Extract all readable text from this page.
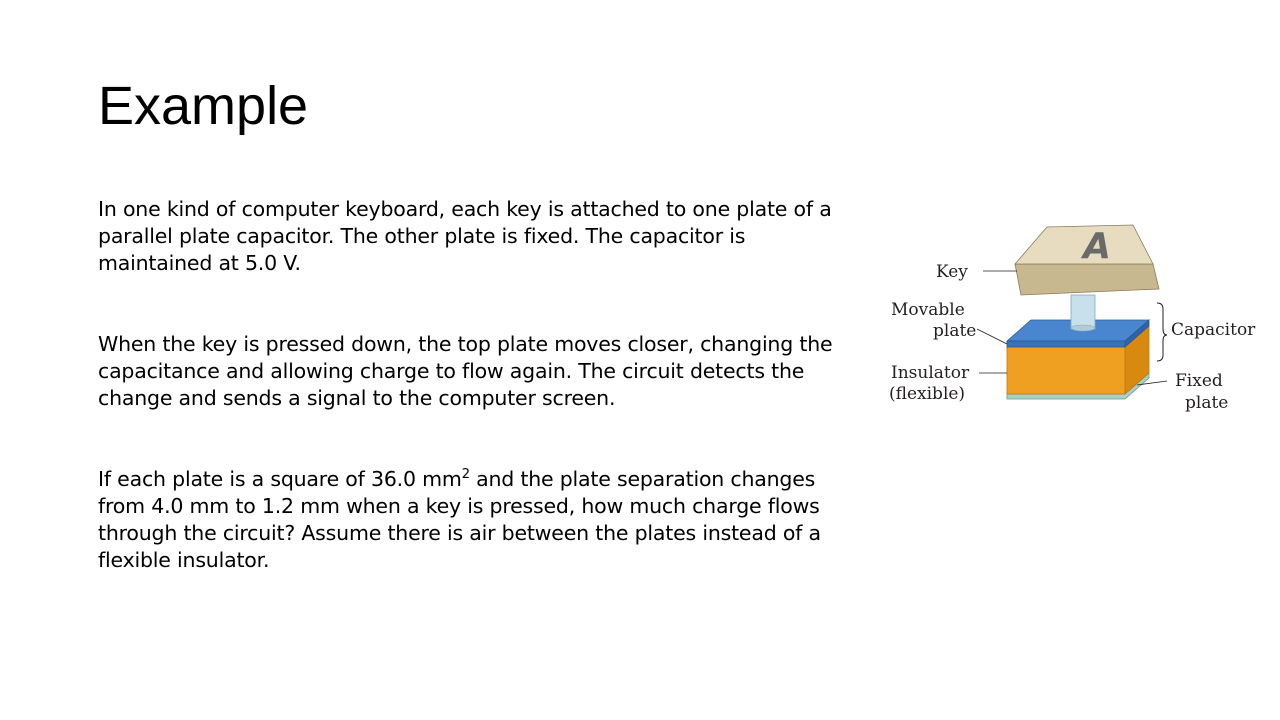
Example

In one kind of computer keyboard, each key is attached to one plate of a parallel plate capacitor. The other plate is fixed. The capacitor is maintained at 5.0 V.

When the key is pressed down, the top plate moves closer, changing the capacitance and allowing charge to flow again. The circuit detects the change and sends a signal to the computer screen.

If each plate is a square of 36.0 $mm^2$ and the plate separation changes from 4.0 mm to 1.2 mm when a key is pressed, how much charge flows through the circuit? Assume there is air between the plates instead of a flexible insulator.

A
Key
Movable
plate
Insulator
(flexible)
Capacitor
Fixed
plate
